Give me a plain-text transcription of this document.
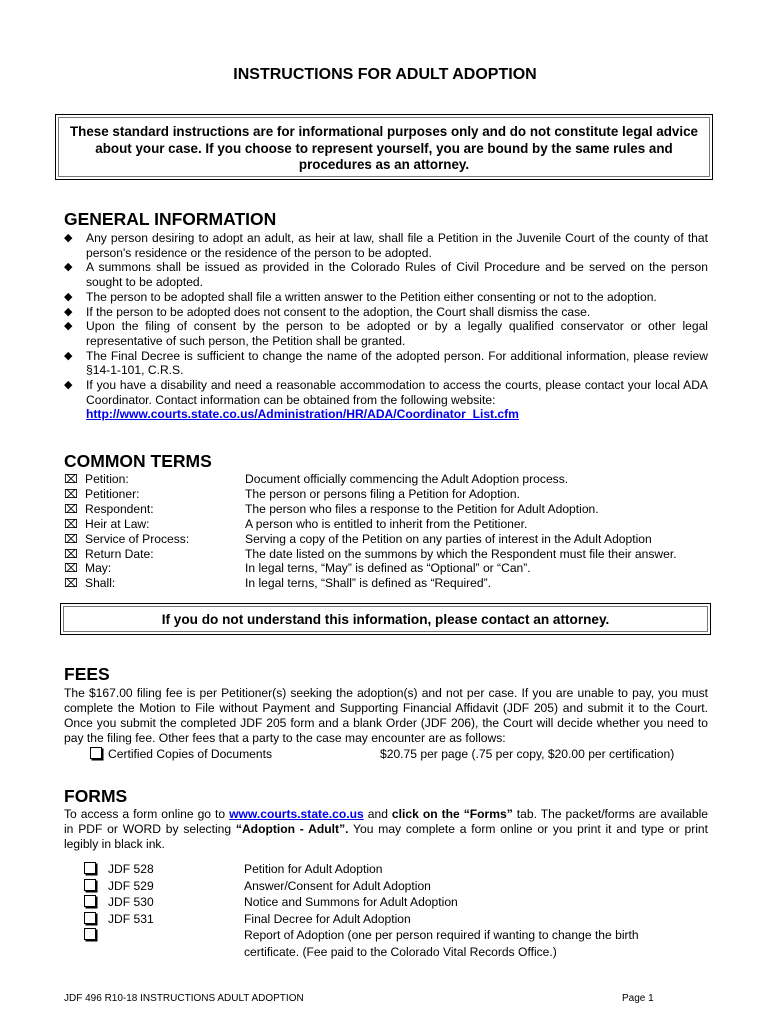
INSTRUCTIONS FOR ADULT ADOPTION

These standard instructions are for informational purposes only and do not constitute legal advice about your case. If you choose to represent yourself, you are bound by the same rules and procedures as an attorney.

GENERAL INFORMATION
◆ Any person desiring to adopt an adult, as heir at law, shall file a Petition in the Juvenile Court of the county of that person's residence or the residence of the person to be adopted.
◆ A summons shall be issued as provided in the Colorado Rules of Civil Procedure and be served on the person sought to be adopted.
◆ The person to be adopted shall file a written answer to the Petition either consenting or not to the adoption.
◆ If the person to be adopted does not consent to the adoption, the Court shall dismiss the case.
◆ Upon the filing of consent by the person to be adopted or by a legally qualified conservator or other legal representative of such person, the Petition shall be granted.
◆ The Final Decree is sufficient to change the name of the adopted person. For additional information, please review §14-1-101, C.R.S.
◆ If you have a disability and need a reasonable accommodation to access the courts, please contact your local ADA Coordinator. Contact information can be obtained from the following website:
http://www.courts.state.co.us/Administration/HR/ADA/Coordinator_List.cfm
COMMON TERMS
⌧ Petition:	Document officially commencing the Adult Adoption process.
⌧ Petitioner:	The person or persons filing a Petition for Adoption.
⌧ Respondent:	The person who files a response to the Petition for Adult Adoption.
⌧ Heir at Law:	A person who is entitled to inherit from the Petitioner.
⌧ Service of Process:	Serving a copy of the Petition on any parties of interest in the Adult Adoption
⌧ Return Date:	The date listed on the summons by which the Respondent must file their answer.
⌧ May:	In legal terns, “May” is defined as “Optional” or “Can”.
⌧ Shall:	In legal terns, “Shall” is defined as “Required”.
If you do not understand this information, please contact an attorney.
FEES

The $167.00 filing fee is per Petitioner(s) seeking the adoption(s) and not per case. If you are unable to pay, you must complete the Motion to File without Payment and Supporting Financial Affidavit (JDF 205) and submit it to the Court. Once you submit the completed JDF 205 form and a blank Order (JDF 206), the Court will decide whether you need to pay the filing fee. Other fees that a party to the case may encounter are as follows:

Certified Copies of Documents	$20.75 per page (.75 per copy, $20.00 per certification)
FORMS

To access a form online go to www.courts.state.co.us and click on the “Forms” tab. The packet/forms are available in PDF or WORD by selecting “Adoption - Adult”. You may complete a form online or you print it and type or print legibly in black ink.

JDF 528	Petition for Adult Adoption
JDF 529	Answer/Consent for Adult Adoption
JDF 530	Notice and Summons for Adult Adoption
JDF 531	Final Decree for Adult Adoption
Report of Adoption (one per person required if wanting to change the birth certificate. (Fee paid to the Colorado Vital Records Office.)
JDF 496 R10-18 INSTRUCTIONS ADULT ADOPTION	Page 1
